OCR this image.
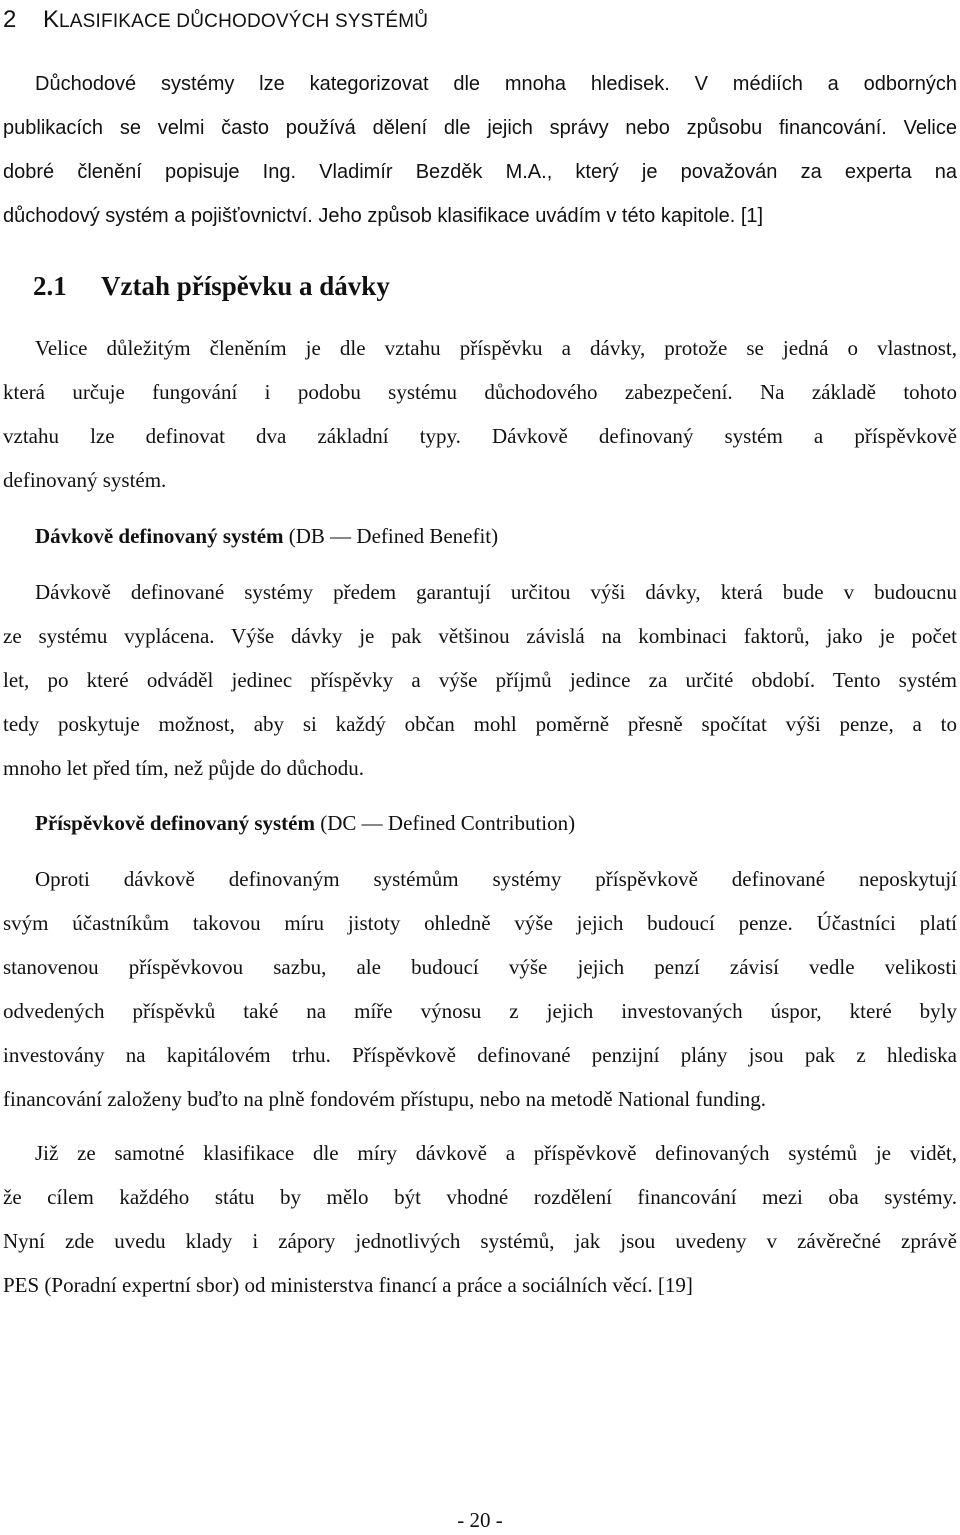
2 KLASIFIKACE DŮCHODOVÝCH SYSTÉMŮ
Důchodové systémy lze kategorizovat dle mnoha hledisek. V médiích a odborných
publikacích se velmi často používá dělení dle jejich správy nebo způsobu financování. Velice
dobré členění popisuje Ing. Vladimír Bezděk M.A., který je považován za experta na
důchodový systém a pojišťovnictví. Jeho způsob klasifikace uvádím v této kapitole. [1]
2.1 Vztah příspěvku a dávky
Velice důležitým členěním je dle vztahu příspěvku a dávky, protože se jedná o vlastnost,
která určuje fungování i podobu systému důchodového zabezpečení. Na základě tohoto
vztahu lze definovat dva základní typy. Dávkově definovaný systém a příspěvkově
definovaný systém.

Dávkově definovaný systém (DB — Defined Benefit)

Dávkově definované systémy předem garantují určitou výši dávky, která bude v budoucnu
ze systému vyplácena. Výše dávky je pak většinou závislá na kombinaci faktorů, jako je počet
let, po které odváděl jedinec příspěvky a výše příjmů jedince za určité období. Tento systém
tedy poskytuje možnost, aby si každý občan mohl poměrně přesně spočítat výši penze, a to
mnoho let před tím, než půjde do důchodu.

Příspěvkově definovaný systém (DC — Defined Contribution)

Oproti dávkově definovaným systémům systémy příspěvkově definované neposkytují
svým účastníkům takovou míru jistoty ohledně výše jejich budoucí penze. Účastníci platí
stanovenou příspěvkovou sazbu, ale budoucí výše jejich penzí závisí vedle velikosti
odvedených příspěvků také na míře výnosu z jejich investovaných úspor, které byly
investovány na kapitálovém trhu. Příspěvkově definované penzijní plány jsou pak z hlediska
financování založeny buďto na plně fondovém přístupu, nebo na metodě National funding.
Již ze samotné klasifikace dle míry dávkově a příspěvkově definovaných systémů je vidět,
že cílem každého státu by mělo být vhodné rozdělení financování mezi oba systémy.
Nyní zde uvedu klady i zápory jednotlivých systémů, jak jsou uvedeny v závěrečné zprávě
PES (Poradní expertní sbor) od ministerstva financí a práce a sociálních věcí. [19]

- 20 -
